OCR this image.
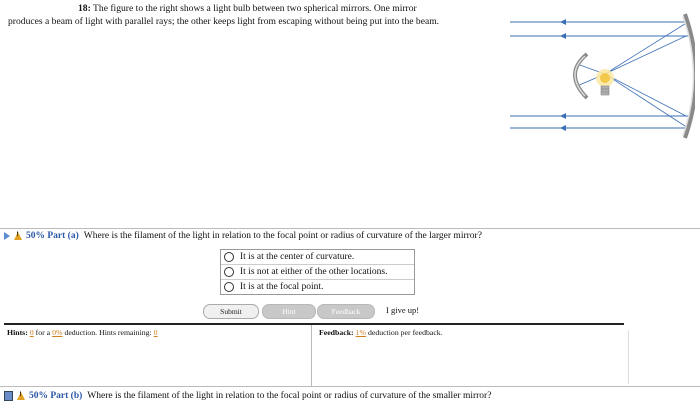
18: The figure to the right shows a light bulb between two spherical mirrors. One mirror
produces a beam of light with parallel rays; the other keeps light from escaping without being put into the beam.
!
50% Part (a) Where is the filament of the light in relation to the focal point or radius of curvature of the larger mirror?
It is at the center of curvature.
It is not at either of the other locations.
It is at the focal point.
Submit	Hint	Feedback	I give up!
Hints: 0 for a 0% deduction. Hints remaining: 0	Feedback: 1% deduction per feedback.
!
50% Part (b) Where is the filament of the light in relation to the focal point or radius of curvature of the smaller mirror?
